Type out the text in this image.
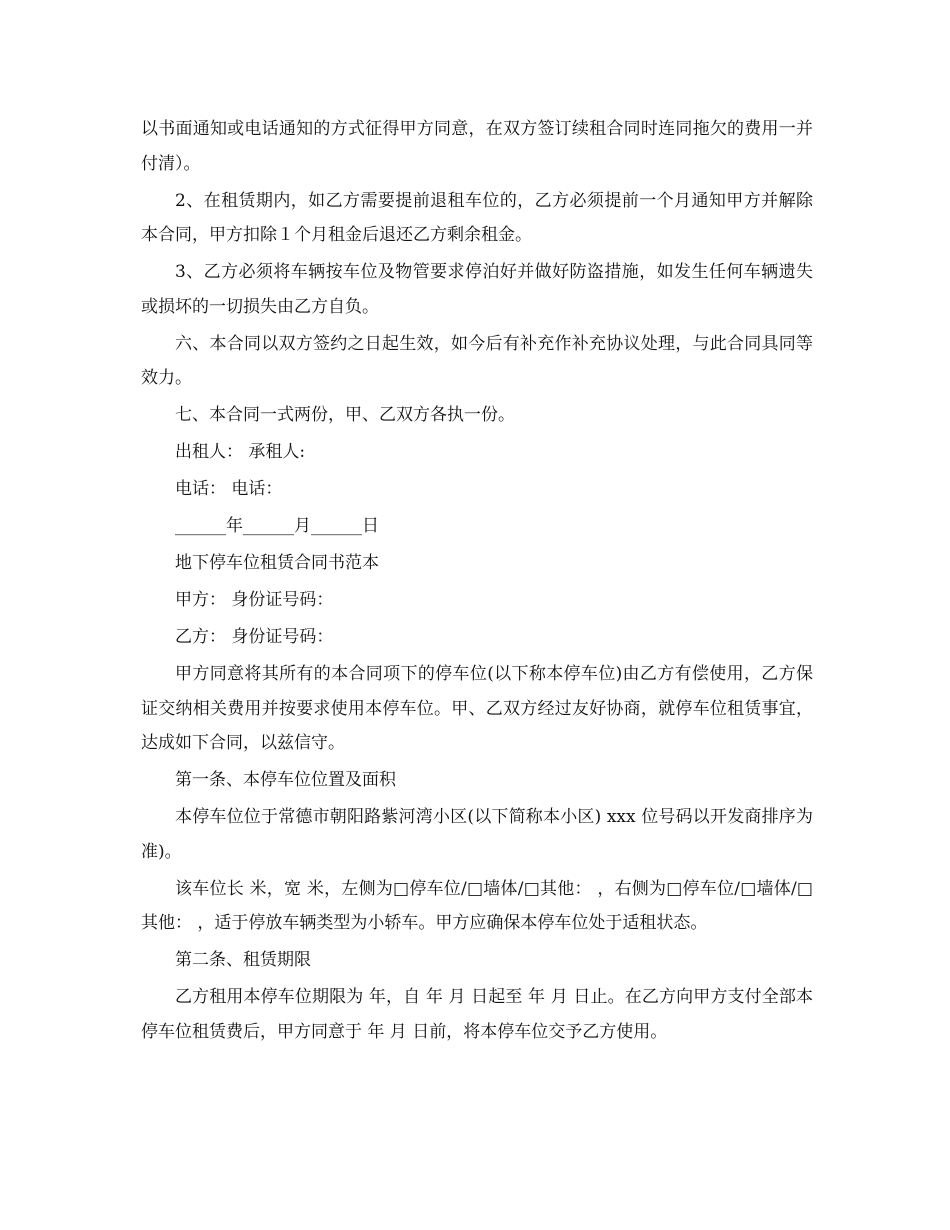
以书面通知或电话通知的方式征得甲方同意，在双方签订续租合同时连同拖欠的费用一并付清）。

2、在租赁期内，如乙方需要提前退租车位的，乙方必须提前一个月通知甲方并解除本合同，甲方扣除１个月租金后退还乙方剩余租金。

3、乙方必须将车辆按车位及物管要求停泊好并做好防盗措施，如发生任何车辆遗失或损坏的一切损失由乙方自负。

六、本合同以双方签约之日起生效，如今后有补充作补充协议处理，与此合同具同等效力。

七、本合同一式两份，甲、乙双方各执一份。

出租人： 承租人:

电话： 电话：

______年______月______日

地下停车位租赁合同书范本

甲方： 身份证号码：

乙方： 身份证号码：

甲方同意将其所有的本合同项下的停车位(以下称本停车位)由乙方有偿使用，乙方保证交纳相关费用并按要求使用本停车位。甲、乙双方经过友好协商，就停车位租赁事宜，达成如下合同，以兹信守。

第一条、本停车位位置及面积

本停车位位于常德市朝阳路紫河湾小区(以下简称本小区) xxx 位号码以开发商排序为准)。

该车位长 米，宽 米，左侧为□停车位/□墙体/□其他： ，右侧为□停车位/□墙体/□其他： ，适于停放车辆类型为小轿车。甲方应确保本停车位处于适租状态。

第二条、租赁期限

乙方租用本停车位期限为 年，自 年 月 日起至 年 月 日止。在乙方向甲方支付全部本停车位租赁费后，甲方同意于 年 月 日前，将本停车位交予乙方使用。
